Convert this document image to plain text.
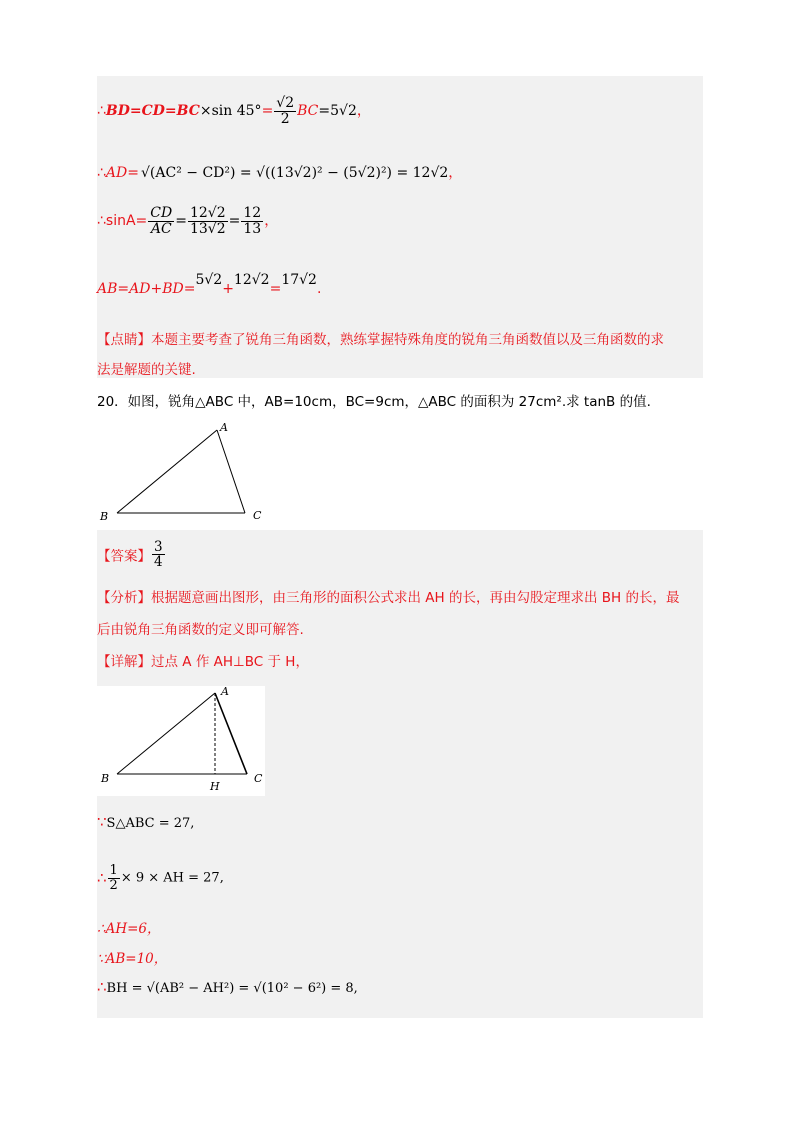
∴BD=CD=BC×sin $45^\circ= \frac{√2}{2} BC=5√2$，
∴AD= √(AC² − CD²) = √((13√2)² − (5√2)²) = 12√2，
∴sinA= $\frac{CD}{AC} = \frac{12√2}{13√2} = \frac{12}{13}$ ，
AB=AD+BD=5√2+12√2=17√2.
【点睛】本题主要考查了锐角三角函数，熟练掌握特殊角度的锐角三角函数值以及三角函数的求
法是解题的关键.
20．如图，锐角△ABC 中，AB=10cm，BC=9cm，△ABC 的面积为 27cm².求 tanB 的值.
A
B	C
【答案】 $\frac{3}{4}$
【分析】根据题意画出图形，由三角形的面积公式求出 AH 的长，再由勾股定理求出 BH 的长，最
后由锐角三角函数的定义即可解答.
【详解】过点 A 作 AH⊥BC 于 H，
A
B	C
H
∵S△ABC = 27,
∴ $\frac{1}{2} \times 9$ × AH = 27,
∴AH=6，
∵AB=10，
∴BH = √(AB² − AH²) = √(10² − 6²) = 8,
